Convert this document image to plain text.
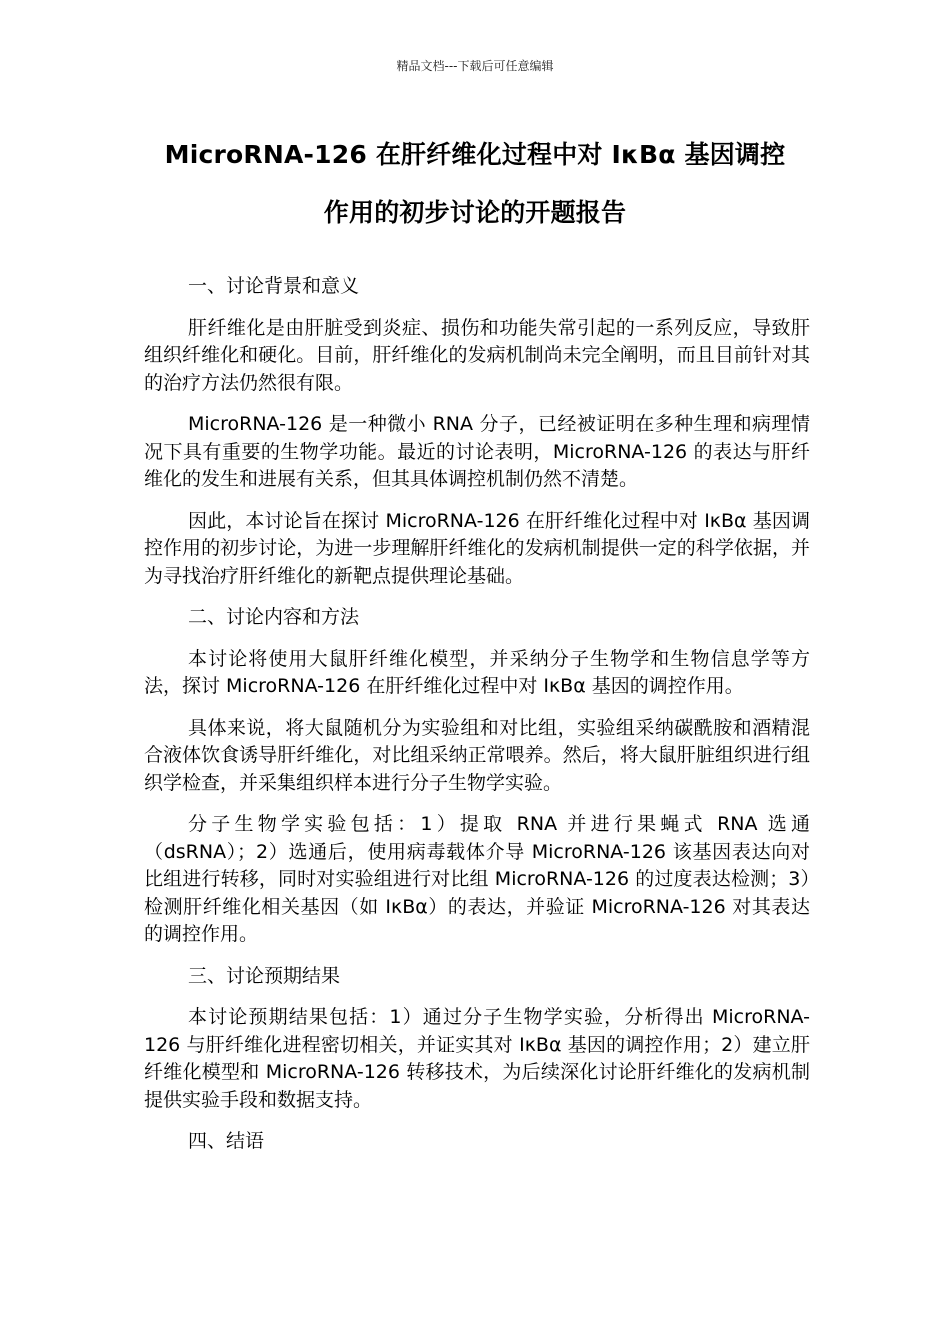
精品文档---下载后可任意编辑
MicroRNA-126 在肝纤维化过程中对 IκBα 基因调控
作用的初步讨论的开题报告
一、讨论背景和意义

肝纤维化是由肝脏受到炎症、损伤和功能失常引起的一系列反应，导致肝组织纤维化和硬化。目前，肝纤维化的发病机制尚未完全阐明，而且目前针对其的治疗方法仍然很有限。

MicroRNA-126 是一种微小 RNA 分子，已经被证明在多种生理和病理情况下具有重要的生物学功能。最近的讨论表明，MicroRNA-126 的表达与肝纤维化的发生和进展有关系，但其具体调控机制仍然不清楚。

因此，本讨论旨在探讨 MicroRNA-126 在肝纤维化过程中对 IκBα 基因调控作用的初步讨论，为进一步理解肝纤维化的发病机制提供一定的科学依据，并为寻找治疗肝纤维化的新靶点提供理论基础。

二、讨论内容和方法

本讨论将使用大鼠肝纤维化模型，并采纳分子生物学和生物信息学等方法，探讨 MicroRNA-126 在肝纤维化过程中对 IκBα 基因的调控作用。

具体来说，将大鼠随机分为实验组和对比组，实验组采纳碳酰胺和酒精混合液体饮食诱导肝纤维化，对比组采纳正常喂养。然后，将大鼠肝脏组织进行组织学检查，并采集组织样本进行分子生物学实验。

分子生物学实验包括：1）提取 RNA 并进行果蝇式 RNA 选通（dsRNA）；2）选通后，使用病毒载体介导 MicroRNA-126 该基因表达向对比组进行转移，同时对实验组进行对比组 MicroRNA-126 的过度表达检测；3）检测肝纤维化相关基因（如 IκBα）的表达，并验证 MicroRNA-126 对其表达的调控作用。

三、讨论预期结果

本讨论预期结果包括：1）通过分子生物学实验，分析得出 MicroRNA-126 与肝纤维化进程密切相关，并证实其对 IκBα 基因的调控作用；2）建立肝纤维化模型和 MicroRNA-126 转移技术，为后续深化讨论肝纤维化的发病机制提供实验手段和数据支持。

四、结语
